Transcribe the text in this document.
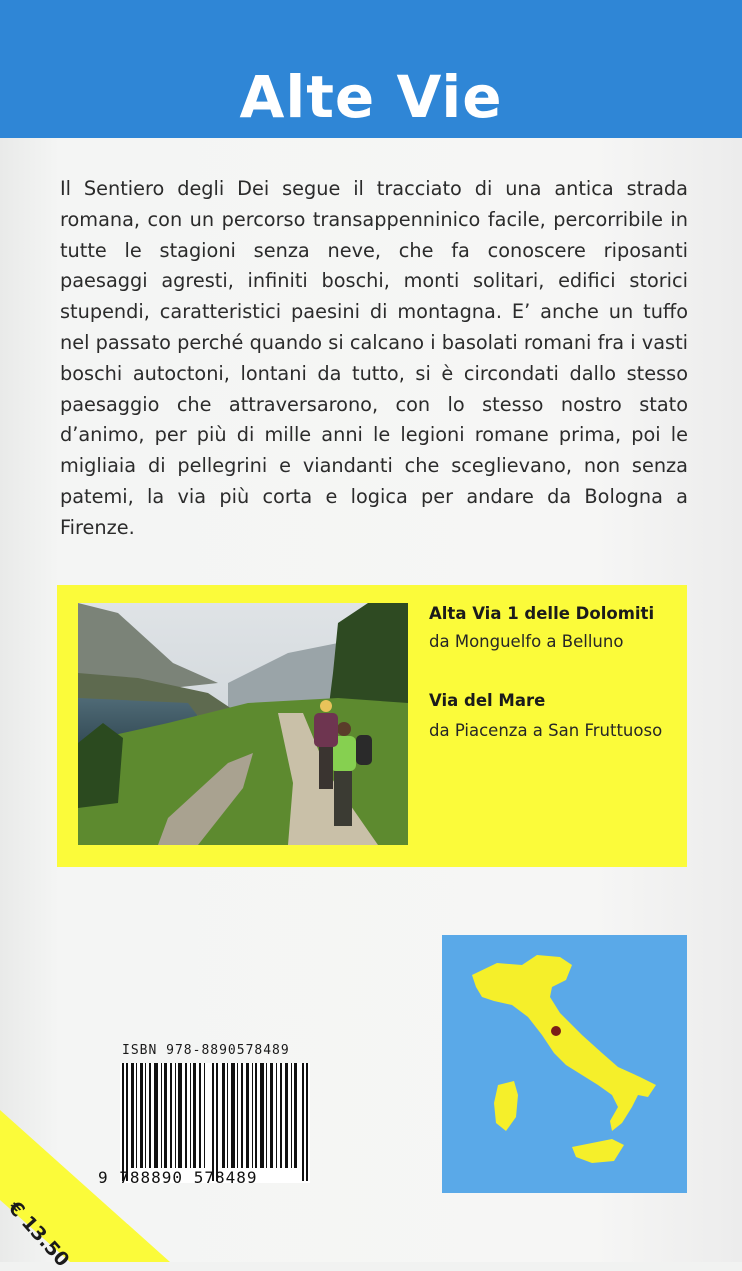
Alte Vie

Il Sentiero degli Dei segue il tracciato di una antica strada romana, con un percorso transappenninico facile, percorribile in tutte le stagioni senza neve, che fa conoscere riposanti paesaggi agresti, infiniti boschi, monti solitari, edifici storici stupendi, caratteristici paesini di montagna. E’ anche un tuffo nel passato perché quando si calcano i basolati romani fra i vasti boschi autoctoni, lontani da tutto, si è circondati dallo stesso paesaggio che attraversarono, con lo stesso nostro stato d’animo, per più di mille anni le legioni romane prima, poi le migliaia di pellegrini e viandanti che sceglievano, non senza patemi, la via più corta e logica per andare da Bologna a Firenze.

Alta Via 1 delle Dolomiti
da Monguelfo a Belluno
Via del Mare
da Piacenza a San Fruttuoso
ISBN 978-8890578489
9 788890 578489
€ 13.50
